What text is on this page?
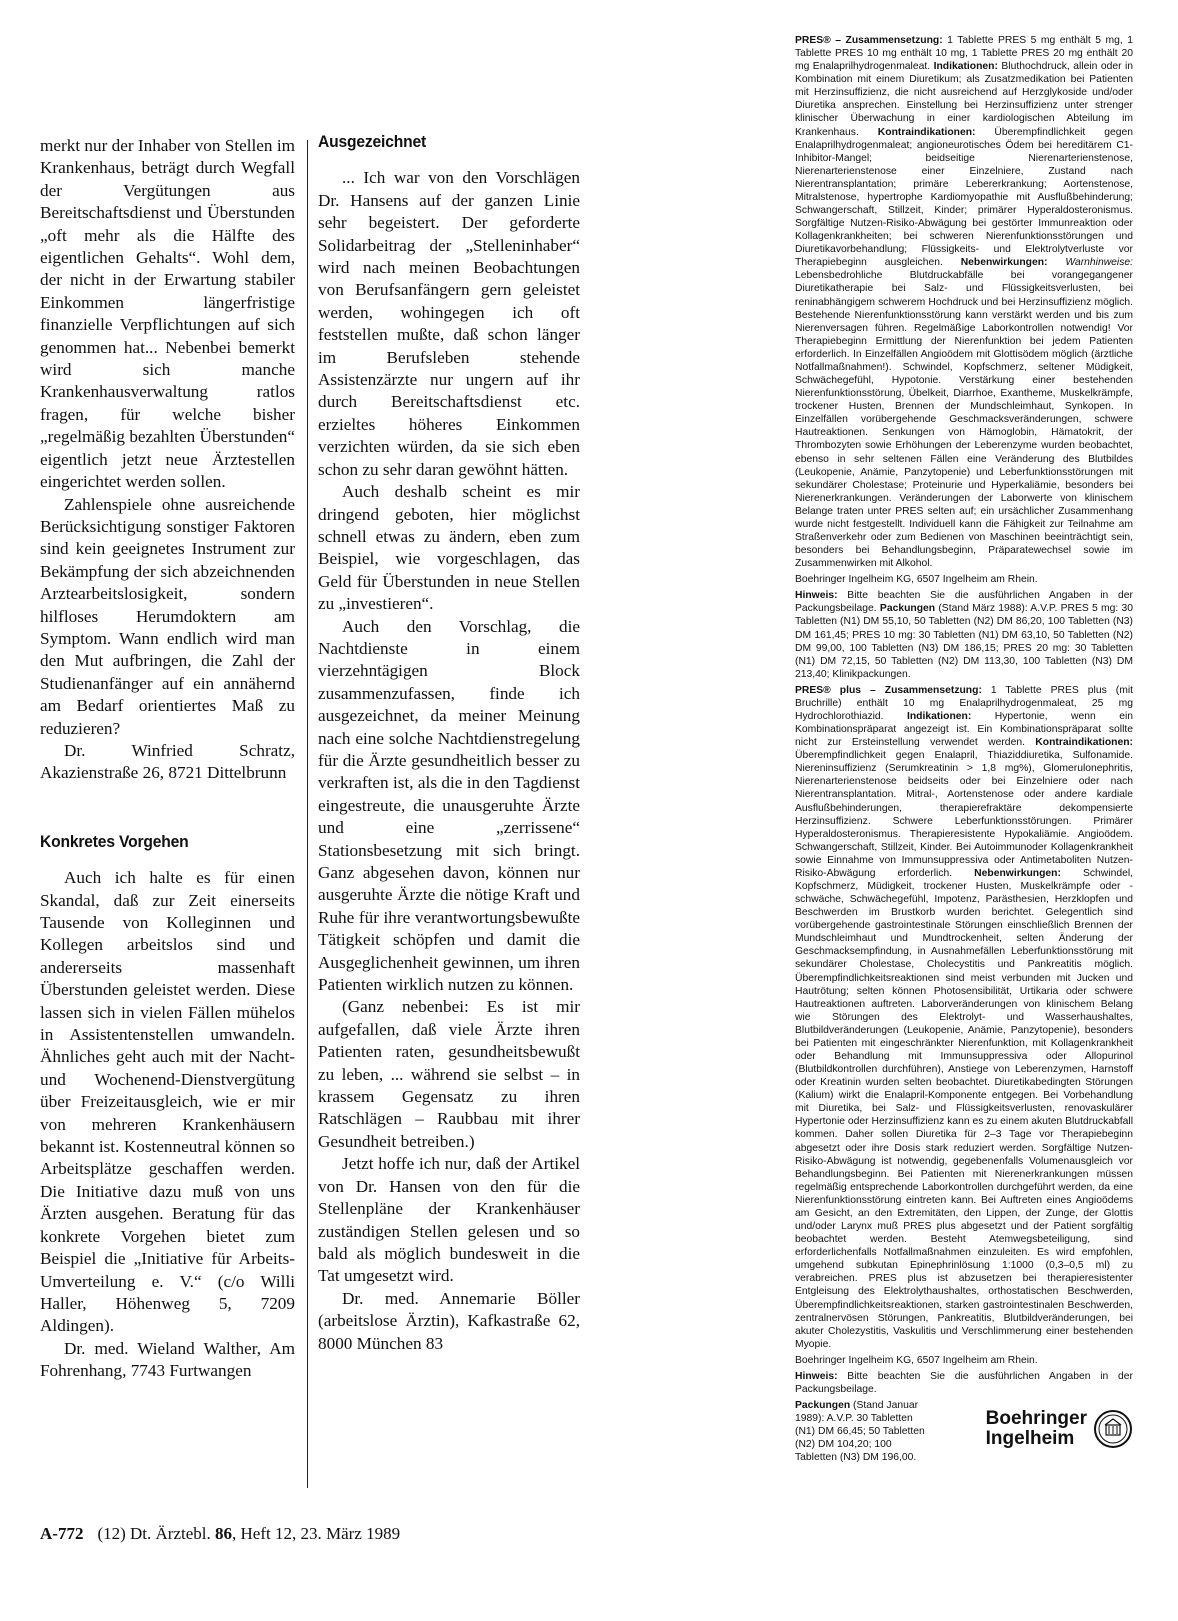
merkt nur der Inhaber von Stellen im Krankenhaus, beträgt durch Wegfall der Vergütungen aus Bereitschaftsdienst und Überstunden „oft mehr als die Hälfte des eigentlichen Gehalts“. Wohl dem, der nicht in der Erwartung stabiler Einkommen längerfristige finanzielle Verpflichtungen auf sich genommen hat... Nebenbei bemerkt wird sich manche Krankenhausverwaltung ratlos fragen, für welche bisher „regelmäßig bezahlten Überstunden“ eigentlich jetzt neue Ärztestellen eingerichtet werden sollen.

Zahlenspiele ohne ausreichende Berücksichtigung sonstiger Faktoren sind kein geeignetes Instrument zur Bekämpfung der sich abzeichnenden Arztearbeitslosigkeit, sondern hilfloses Herumdoktern am Symptom. Wann endlich wird man den Mut aufbringen, die Zahl der Studienanfänger auf ein annähernd am Bedarf orientiertes Maß zu reduzieren?

Dr. Winfried Schratz, Akazienstraße 26, 8721 Dittelbrunn

Konkretes Vorgehen

Auch ich halte es für einen Skandal, daß zur Zeit einerseits Tausende von Kolleginnen und Kollegen arbeitslos sind und andererseits massenhaft Überstunden geleistet werden. Diese lassen sich in vielen Fällen mühelos in Assistentenstellen umwandeln. Ähnliches geht auch mit der Nacht- und Wochenend-Dienstvergütung über Freizeitausgleich, wie er mir von mehreren Krankenhäusern bekannt ist. Kostenneutral können so Arbeitsplätze geschaffen werden. Die Initiative dazu muß von uns Ärzten ausgehen. Beratung für das konkrete Vorgehen bietet zum Beispiel die „Initiative für Arbeits-Umverteilung e. V.“ (c/o Willi Haller, Höhenweg 5, 7209 Aldingen).

Dr. med. Wieland Walther, Am Fohrenhang, 7743 Furtwangen

Ausgezeichnet

... Ich war von den Vorschlägen Dr. Hansens auf der ganzen Linie sehr begeistert. Der geforderte Solidarbeitrag der „Stelleninhaber“ wird nach meinen Beobachtungen von Berufsanfängern gern geleistet werden, wohingegen ich oft feststellen mußte, daß schon länger im Berufsleben stehende Assistenzärzte nur ungern auf ihr durch Bereitschaftsdienst etc. erzieltes höheres Einkommen verzichten würden, da sie sich eben schon zu sehr daran gewöhnt hätten.

Auch deshalb scheint es mir dringend geboten, hier möglichst schnell etwas zu ändern, eben zum Beispiel, wie vorgeschlagen, das Geld für Überstunden in neue Stellen zu „investieren“.

Auch den Vorschlag, die Nachtdienste in einem vierzehntägigen Block zusammenzufassen, finde ich ausgezeichnet, da meiner Meinung nach eine solche Nachtdienstregelung für die Ärzte gesundheitlich besser zu verkraften ist, als die in den Tagdienst eingestreute, die unausgeruhte Ärzte und eine „zerrissene“ Stationsbesetzung mit sich bringt. Ganz abgesehen davon, können nur ausgeruhte Ärzte die nötige Kraft und Ruhe für ihre verantwortungsbewußte Tätigkeit schöpfen und damit die Ausgeglichenheit gewinnen, um ihren Patienten wirklich nutzen zu können.

(Ganz nebenbei: Es ist mir aufgefallen, daß viele Ärzte ihren Patienten raten, gesundheitsbewußt zu leben, ... während sie selbst – in krassem Gegensatz zu ihren Ratschlägen – Raubbau mit ihrer Gesundheit betreiben.)

Jetzt hoffe ich nur, daß der Artikel von Dr. Hansen von den für die Stellenpläne der Krankenhäuser zuständigen Stellen gelesen und so bald als möglich bundesweit in die Tat umgesetzt wird.

Dr. med. Annemarie Böller (arbeitslose Ärztin), Kafkastraße 62, 8000 München 83

PRES® – Zusammensetzung: 1 Tablette PRES 5 mg enthält 5 mg, 1 Tablette PRES 10 mg enthält 10 mg, 1 Tablette PRES 20 mg enthält 20 mg Enalaprilhydrogenmaleat. Indikationen: Bluthochdruck, allein oder in Kombination mit einem Diuretikum; als Zusatzmedikation bei Patienten mit Herzinsuffizienz, die nicht ausreichend auf Herzglykoside und/oder Diuretika ansprechen. Einstellung bei Herzinsuffizienz unter strenger klinischer Überwachung in einer kardiologischen Abteilung im Krankenhaus. Kontraindikationen: Überempfindlichkeit gegen Enalaprilhydrogenmaleat; angioneurotisches Ödem bei hereditärem C1-Inhibitor-Mangel; beidseitige Nierenarterienstenose, Nierenarterienstenose einer Einzelniere, Zustand nach Nierentransplantation; primäre Lebererkrankung; Aortenstenose, Mitralstenose, hypertrophe Kardiomyopathie mit Ausflußbehinderung; Schwangerschaft, Stillzeit, Kinder; primärer Hyperaldosteronismus. Sorgfältige Nutzen-Risiko-Abwägung bei gestörter Immunreaktion oder Kollagenkrankheiten; bei schweren Nierenfunktionsstörungen und Diuretikavorbehandlung; Flüssigkeits- und Elektrolytverluste vor Therapiebeginn ausgleichen. Nebenwirkungen: Warnhinweise: Lebensbedrohliche Blutdruckabfälle bei vorangegangener Diuretikatherapie bei Salz- und Flüssigkeitsverlusten, bei reninabhängigem schwerem Hochdruck und bei Herzinsuffizienz möglich. Bestehende Nierenfunktionsstörung kann verstärkt werden und bis zum Nierenversagen führen. Regelmäßige Laborkontrollen notwendig! Vor Therapiebeginn Ermittlung der Nierenfunktion bei jedem Patienten erforderlich. In Einzelfällen Angioödem mit Glottisödem möglich (ärztliche Notfallmaßnahmen!). Schwindel, Kopfschmerz, seltener Müdigkeit, Schwächegefühl, Hypotonie. Verstärkung einer bestehenden Nierenfunktionsstörung, Übelkeit, Diarrhoe, Exantheme, Muskelkrämpfe, trockener Husten, Brennen der Mundschleimhaut, Synkopen. In Einzelfällen vorübergehende Geschmacksveränderungen, schwere Hautreaktionen. Senkungen von Hämoglobin, Hämatokrit, der Thrombozyten sowie Erhöhungen der Leberenzyme wurden beobachtet, ebenso in sehr seltenen Fällen eine Veränderung des Blutbildes (Leukopenie, Anämie, Panzytopenie) und Leberfunktionsstörungen mit sekundärer Cholestase; Proteinurie und Hyperkaliämie, besonders bei Nierenerkrankungen. Veränderungen der Laborwerte von klinischem Belange traten unter PRES selten auf; ein ursächlicher Zusammenhang wurde nicht festgestellt. Individuell kann die Fähigkeit zur Teilnahme am Straßenverkehr oder zum Bedienen von Maschinen beeinträchtigt sein, besonders bei Behandlungsbeginn, Präparatewechsel sowie im Zusammenwirken mit Alkohol.

Boehringer Ingelheim KG, 6507 Ingelheim am Rhein.

Hinweis: Bitte beachten Sie die ausführlichen Angaben in der Packungsbeilage. Packungen (Stand März 1988): A.V.P. PRES 5 mg: 30 Tabletten (N1) DM 55,10, 50 Tabletten (N2) DM 86,20, 100 Tabletten (N3) DM 161,45; PRES 10 mg: 30 Tabletten (N1) DM 63,10, 50 Tabletten (N2) DM 99,00, 100 Tabletten (N3) DM 186,15; PRES 20 mg: 30 Tabletten (N1) DM 72,15, 50 Tabletten (N2) DM 113,30, 100 Tabletten (N3) DM 213,40; Klinikpackungen.

PRES® plus – Zusammensetzung: 1 Tablette PRES plus (mit Bruchrille) enthält 10 mg Enalaprilhydrogenmaleat, 25 mg Hydrochlorothiazid. Indikationen: Hypertonie, wenn ein Kombinationspräparat angezeigt ist. Ein Kombinationspräparat sollte nicht zur Ersteinstellung verwendet werden. Kontraindikationen: Überempfindlichkeit gegen Enalapril, Thiaziddiuretika, Sulfonamide. Niereninsuffizienz (Serumkreatinin > 1,8 mg%), Glomerulonephritis, Nierenarterienstenose beidseits oder bei Einzelniere oder nach Nierentransplantation. Mitral-, Aortenstenose oder andere kardiale Ausflußbehinderungen, therapierefraktäre dekompensierte Herzinsuffizienz. Schwere Leberfunktionsstörungen. Primärer Hyperaldosteronismus. Therapieresistente Hypokaliämie. Angioödem. Schwangerschaft, Stillzeit, Kinder. Bei Autoimmunoder Kollagenkrankheit sowie Einnahme von Immunsuppressiva oder Antimetaboliten Nutzen-Risiko-Abwägung erforderlich. Nebenwirkungen: Schwindel, Kopfschmerz, Müdigkeit, trockener Husten, Muskelkrämpfe oder -schwäche, Schwächegefühl, Impotenz, Parästhesien, Herzklopfen und Beschwerden im Brustkorb wurden berichtet. Gelegentlich sind vorübergehende gastrointestinale Störungen einschließlich Brennen der Mundschleimhaut und Mundtrockenheit, selten Änderung der Geschmacksempfindung, in Ausnahmefällen Leberfunktionsstörung mit sekundärer Cholestase, Cholecystitis und Pankreatitis möglich. Überempfindlichkeitsreaktionen sind meist verbunden mit Jucken und Hautrötung; selten können Photosensibilität, Urtikaria oder schwere Hautreaktionen auftreten. Laborveränderungen von klinischem Belang wie Störungen des Elektrolyt- und Wasserhaushaltes, Blutbildveränderungen (Leukopenie, Anämie, Panzytopenie), besonders bei Patienten mit eingeschränkter Nierenfunktion, mit Kollagenkrankheit oder Behandlung mit Immunsuppressiva oder Allopurinol (Blutbildkontrollen durchführen), Anstiege von Leberenzymen, Harnstoff oder Kreatinin wurden selten beobachtet. Diuretikabedingten Störungen (Kalium) wirkt die Enalapril-Komponente entgegen. Bei Vorbehandlung mit Diuretika, bei Salz- und Flüssigkeitsverlusten, renovaskulärer Hypertonie oder Herzinsuffizienz kann es zu einem akuten Blutdruckabfall kommen. Daher sollen Diuretika für 2–3 Tage vor Therapiebeginn abgesetzt oder ihre Dosis stark reduziert werden. Sorgfältige Nutzen-Risiko-Abwägung ist notwendig, gegebenenfalls Volumenausgleich vor Behandlungsbeginn. Bei Patienten mit Nierenerkrankungen müssen regelmäßig entsprechende Laborkontrollen durchgeführt werden, da eine Nierenfunktionsstörung eintreten kann. Bei Auftreten eines Angioödems am Gesicht, an den Extremitäten, den Lippen, der Zunge, der Glottis und/oder Larynx muß PRES plus abgesetzt und der Patient sorgfältig beobachtet werden. Besteht Atemwegsbeteiligung, sind erforderlichenfalls Notfallmaßnahmen einzuleiten. Es wird empfohlen, umgehend subkutan Epinephrinlösung 1:1000 (0,3–0,5 ml) zu verabreichen. PRES plus ist abzusetzen bei therapieresistenter Entgleisung des Elektrolythaushaltes, orthostatischen Beschwerden, Überempfindlichkeitsreaktionen, starken gastrointestinalen Beschwerden, zentralnervösen Störungen, Pankreatitis, Blutbildveränderungen, bei akuter Cholezystitis, Vaskulitis und Verschlimmerung einer bestehenden Myopie.

Boehringer Ingelheim KG, 6507 Ingelheim am Rhein.

Hinweis: Bitte beachten Sie die ausführlichen Angaben in der Packungsbeilage.

Packungen (Stand Januar 1989): A.V.P. 30 Tabletten (N1) DM 66,45; 50 Tabletten (N2) DM 104,20; 100 Tabletten (N3) DM 196,00.
Boehringer
Ingelheim
A-772 (12) Dt. Ärztebl. 86, Heft 12, 23. März 1989
